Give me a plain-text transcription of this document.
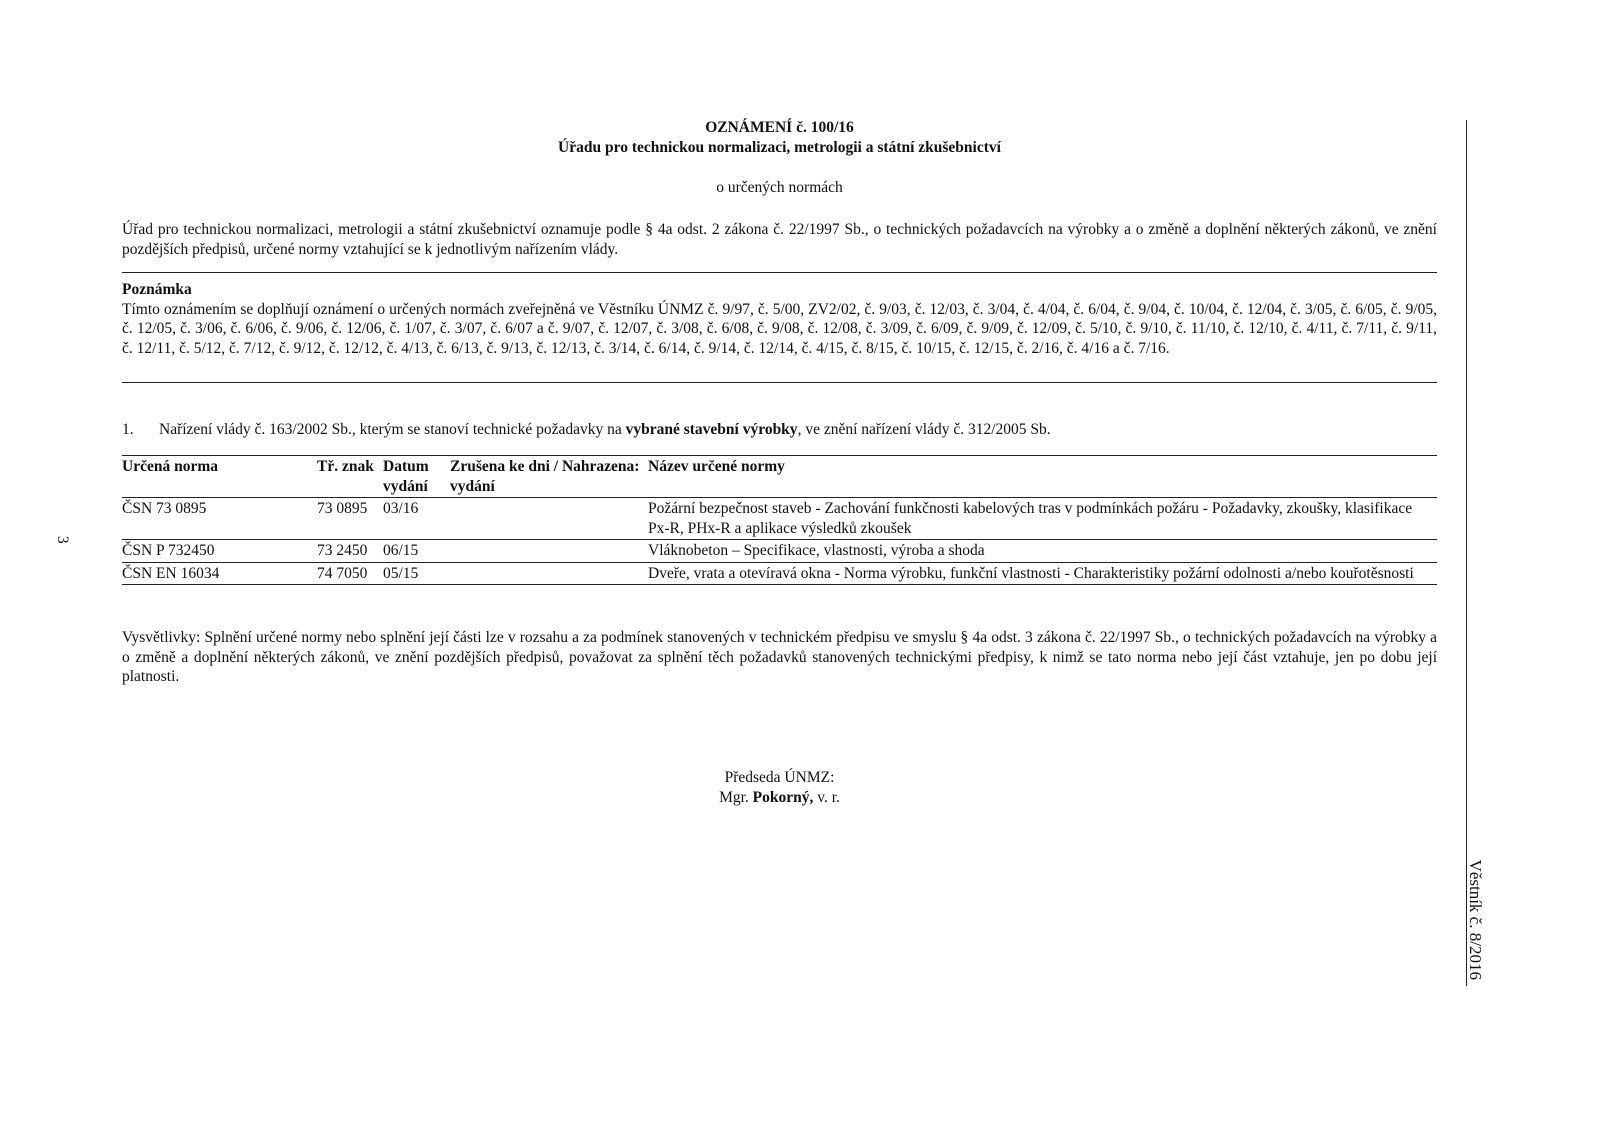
OZNÁMENÍ č. 100/16
Úřadu pro technickou normalizaci, metrologii a státní zkušebnictví
o určených normách
Úřad pro technickou normalizaci, metrologii a státní zkušebnictví oznamuje podle § 4a odst. 2 zákona č. 22/1997 Sb., o technických požadavcích na výrobky a o změně a doplnění některých zákonů, ve znění pozdějších předpisů, určené normy vztahující se k jednotlivým nařízením vlády.
Poznámka
Tímto oznámením se doplňují oznámení o určených normách zveřejněná ve Věstníku ÚNMZ č. 9/97, č. 5/00, ZV2/02, č. 9/03, č. 12/03, č. 3/04, č. 4/04, č. 6/04, č. 9/04, č. 10/04, č. 12/04, č. 3/05, č. 6/05, č. 9/05, č. 12/05, č. 3/06, č. 6/06, č. 9/06, č. 12/06, č. 1/07, č. 3/07, č. 6/07 a č. 9/07, č. 12/07, č. 3/08, č. 6/08, č. 9/08, č. 12/08, č. 3/09, č. 6/09, č. 9/09, č. 12/09, č. 5/10, č. 9/10, č. 11/10, č. 12/10, č. 4/11, č. 7/11, č. 9/11, č. 12/11, č. 5/12, č. 7/12, č. 9/12, č. 12/12, č. 4/13, č. 6/13, č. 9/13, č. 12/13, č. 3/14, č. 6/14, č. 9/14, č. 12/14, č. 4/15, č. 8/15, č. 10/15, č. 12/15, č. 2/16, č. 4/16 a č. 7/16.
1. Nařízení vlády č. 163/2002 Sb., kterým se stanoví technické požadavky na vybrané stavební výrobky, ve znění nařízení vlády č. 312/2005 Sb.
Určená norma	Tř. znak	Datum vydání	Zrušena ke dni / Nahrazena: vydání	Název určené normy
ČSN 73 0895	73 0895	03/16		Požární bezpečnost staveb - Zachování funkčnosti kabelových tras v podmínkách požáru - Požadavky, zkoušky, klasifikace Px-R, PHx-R a aplikace výsledků zkoušek
ČSN P 732450	73 2450	06/15		Vláknobeton – Specifikace, vlastnosti, výroba a shoda
ČSN EN 16034	74 7050	05/15		Dveře, vrata a otevíravá okna - Norma výrobku, funkční vlastnosti - Charakteristiky požární odolnosti a/nebo kouřotěsnosti
Vysvětlivky: Splnění určené normy nebo splnění její části lze v rozsahu a za podmínek stanovených v technickém předpisu ve smyslu § 4a odst. 3 zákona č. 22/1997 Sb., o technických požadavcích na výrobky a o změně a doplnění některých zákonů, ve znění pozdějších předpisů, považovat za splnění těch požadavků stanovených technickými předpisy, k nimž se tato norma nebo její část vztahuje, jen po dobu její platnosti.
Předseda ÚNMZ:
Mgr. Pokorný, v. r.
Věstník č. 8/2016
3
